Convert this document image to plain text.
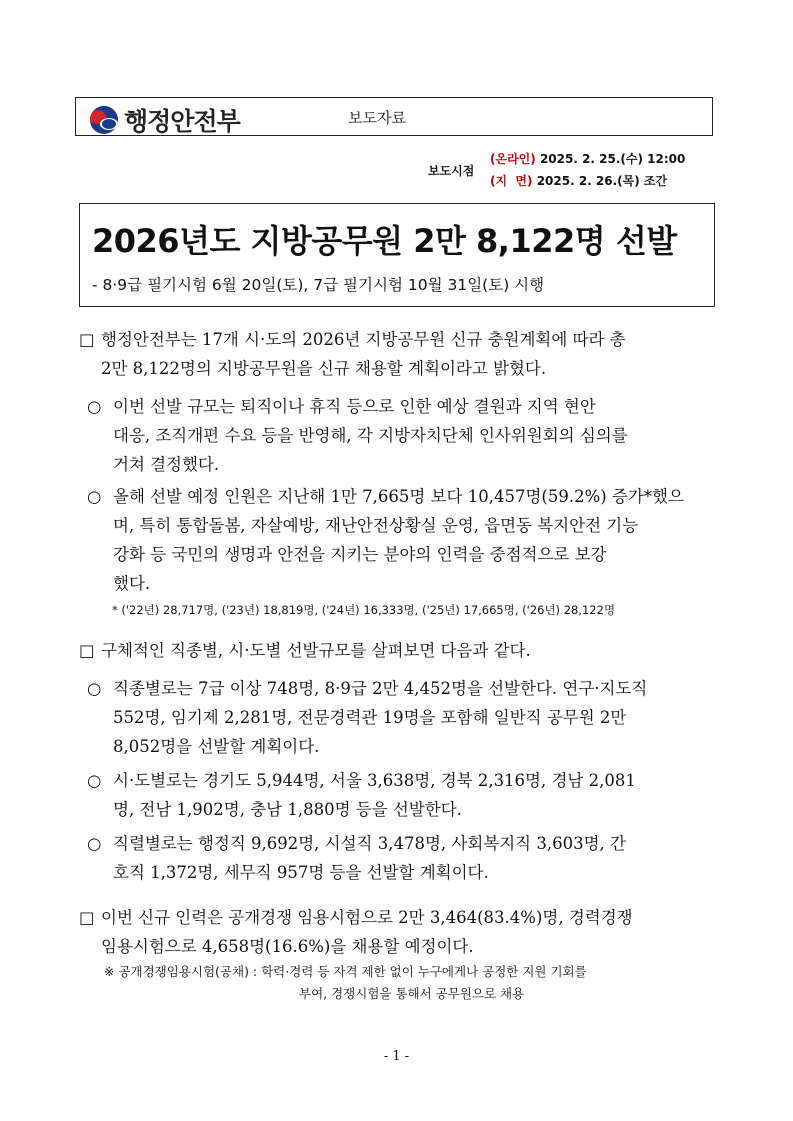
행정안전부	보도자료
보도시점
(온라인) 2025. 2. 25.(수) 12:00
(지  면) 2025. 2. 26.(목) 조간
2026년도 지방공무원 2만 8,122명 선발
- 8·9급 필기시험 6월 20일(토), 7급 필기시험 10월 31일(토) 시행
□ 행정안전부는 17개 시·도의 2026년 지방공무원 신규 충원계획에 따라 총
2만 8,122명의 지방공무원을 신규 채용할 계획이라고 밝혔다.
○ 이번 선발 규모는 퇴직이나 휴직 등으로 인한 예상 결원과 지역 현안
대응, 조직개편 수요 등을 반영해, 각 지방자치단체 인사위원회의 심의를
거쳐 결정했다.
○ 올해 선발 예정 인원은 지난해 1만 7,665명 보다 10,457명(59.2%) 증가*했으
며, 특히 통합돌봄, 자살예방, 재난안전상황실 운영, 읍면동 복지안전 기능
강화 등 국민의 생명과 안전을 지키는 분야의 인력을 중점적으로 보강
했다.
* ('22년) 28,717명, ('23년) 18,819명, ('24년) 16,333명, ('25년) 17,665명, ('26년) 28,122명
□ 구체적인 직종별, 시·도별 선발규모를 살펴보면 다음과 같다.
○ 직종별로는 7급 이상 748명, 8·9급 2만 4,452명을 선발한다. 연구·지도직
552명, 임기제 2,281명, 전문경력관 19명을 포함해 일반직 공무원 2만
8,052명을 선발할 계획이다.
○ 시·도별로는 경기도 5,944명, 서울 3,638명, 경북 2,316명, 경남 2,081
명, 전남 1,902명, 충남 1,880명 등을 선발한다.
○ 직렬별로는 행정직 9,692명, 시설직 3,478명, 사회복지직 3,603명, 간
호직 1,372명, 세무직 957명 등을 선발할 계획이다.
□ 이번 신규 인력은 공개경쟁 임용시험으로 2만 3,464(83.4%)명, 경력경쟁
임용시험으로 4,658명(16.6%)을 채용할 예정이다.
※ 공개경쟁임용시험(공채) : 학력·경력 등 자격 제한 없이 누구에게나 공정한 지원 기회를
부여, 경쟁시험을 통해서 공무원으로 채용
- 1 -
